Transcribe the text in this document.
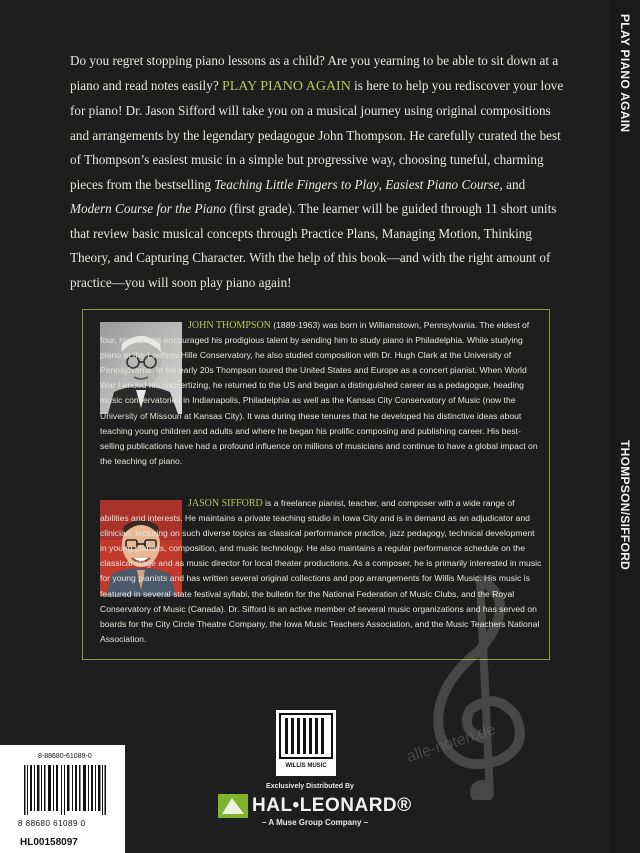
PLAY PIANO AGAIN
THOMPSON/SIFFORD
Do you regret stopping piano lessons as a child? Are you yearning to be able to sit down at a piano and read notes easily? PLAY PIANO AGAIN is here to help you rediscover your love for piano! Dr. Jason Sifford will take you on a musical journey using original compositions and arrangements by the legendary pedagogue John Thompson. He carefully curated the best of Thompson’s easiest music in a simple but progressive way, choosing tuneful, charming pieces from the bestselling Teaching Little Fingers to Play, Easiest Piano Course, and Modern Course for the Piano (first grade). The learner will be guided through 11 short units that review basic musical concepts through Practice Plans, Managing Motion, Thinking Theory, and Capturing Character. With the help of this book—and with the right amount of practice—you will soon play piano again!
JOHN THOMPSON (1889-1963) was born in Williamstown, Pennsylvania. The eldest of four, his parents encouraged his prodigious talent by sending him to study piano in Philadelphia. While studying piano at the Leefson-Hille Conservatory, he also studied composition with Dr. Hugh Clark at the University of Pennsylvania. In his early 20s Thompson toured the United States and Europe as a concert pianist. When World War I ended his concertizing, he returned to the US and began a distinguished career as a pedagogue, heading music conservatories in Indianapolis, Philadelphia as well as the Kansas City Conservatory of Music (now the University of Missouri at Kansas City). It was during these tenures that he developed his distinctive ideas about teaching young children and adults and where he began his prolific composing and publishing career. His best-selling publications have had a profound influence on millions of musicians and continue to have a global impact on the teaching of piano.
JASON SIFFORD is a freelance pianist, teacher, and composer with a wide range of abilities and interests. He maintains a private teaching studio in Iowa City and is in demand as an adjudicator and clinician, lecturing on such diverse topics as classical performance practice, jazz pedagogy, technical development in young pianists, composition, and music technology. He also maintains a regular performance schedule on the classical stage and as music director for local theater productions. As a composer, he is primarily interested in music for young pianists and has written several original collections and pop arrangements for Willis Music. His music is featured in several state festival syllabi, the bulletin for the National Federation of Music Clubs, and the Royal Conservatory of Music (Canada). Dr. Sifford is an active member of several music organizations and has served on boards for the City Circle Theatre Company, the Iowa Music Teachers Association, and the Music Teachers National Association.
alle-noten.de
8-88680-61089-0
8 88680 61089 0
HL00158097
WILLIS MUSIC
Exclusively Distributed By
HAL•LEONARD®
– A Muse Group Company –
